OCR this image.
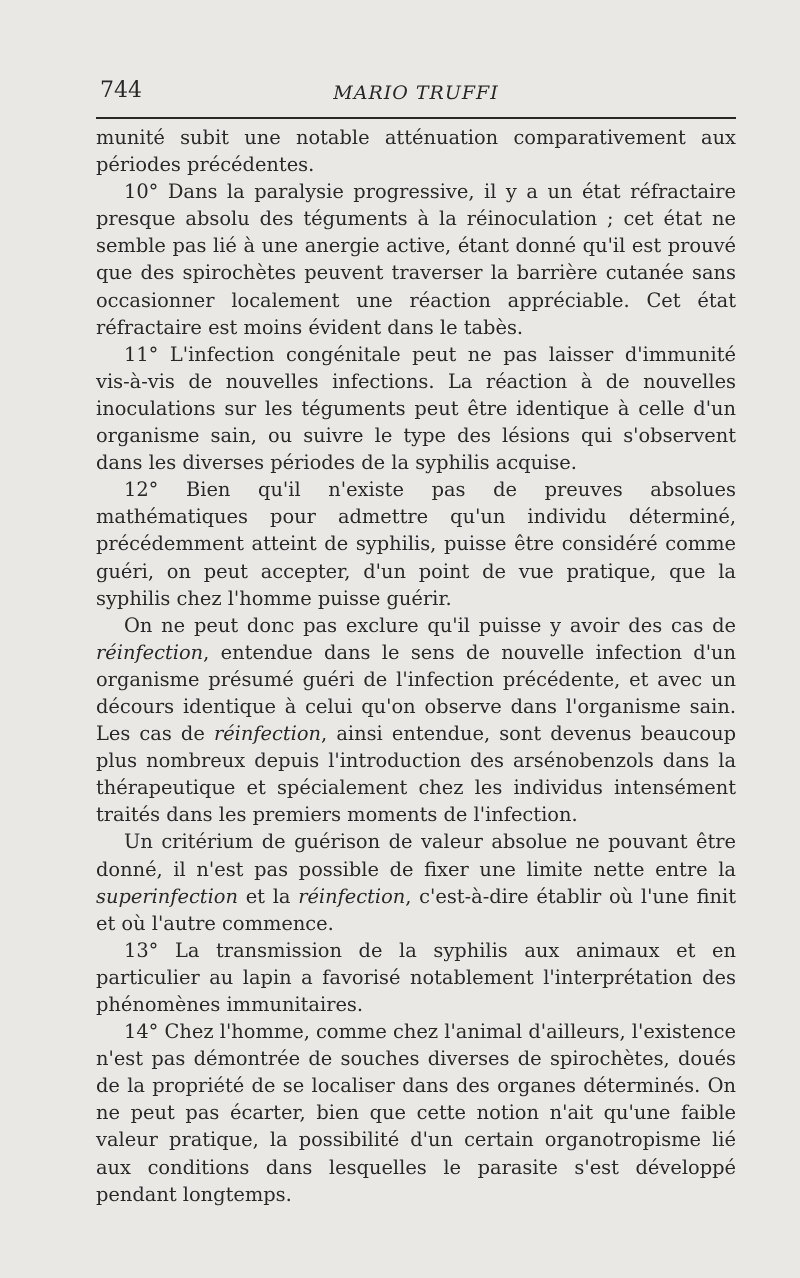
744	MARIO TRUFFI

munité subit une notable atténuation comparativement aux périodes précédentes.

10° Dans la paralysie progressive, il y a un état réfractaire presque absolu des téguments à la réinoculation ; cet état ne semble pas lié à une anergie active, étant donné qu'il est prouvé que des spirochètes peuvent traverser la barrière cutanée sans occasionner localement une réaction appréciable. Cet état réfractaire est moins évident dans le tabès.

11° L'infection congénitale peut ne pas laisser d'immunité vis-à-vis de nouvelles infections. La réaction à de nouvelles inoculations sur les téguments peut être identique à celle d'un organisme sain, ou suivre le type des lésions qui s'observent dans les diverses périodes de la syphilis acquise.

12° Bien qu'il n'existe pas de preuves absolues mathématiques pour admettre qu'un individu déterminé, précédemment atteint de syphilis, puisse être considéré comme guéri, on peut accepter, d'un point de vue pratique, que la syphilis chez l'homme puisse guérir.

On ne peut donc pas exclure qu'il puisse y avoir des cas de réinfection, entendue dans le sens de nouvelle infection d'un organisme présumé guéri de l'infection précédente, et avec un décours identique à celui qu'on observe dans l'organisme sain. Les cas de réinfection, ainsi entendue, sont devenus beaucoup plus nombreux depuis l'introduction des arsénobenzols dans la thérapeutique et spécialement chez les individus intensément traités dans les premiers moments de l'infection.

Un critérium de guérison de valeur absolue ne pouvant être donné, il n'est pas possible de fixer une limite nette entre la superinfection et la réinfection, c'est-à-dire établir où l'une finit et où l'autre commence.

13° La transmission de la syphilis aux animaux et en particulier au lapin a favorisé notablement l'interprétation des phénomènes immunitaires.

14° Chez l'homme, comme chez l'animal d'ailleurs, l'existence n'est pas démontrée de souches diverses de spirochètes, doués de la propriété de se localiser dans des organes déterminés. On ne peut pas écarter, bien que cette notion n'ait qu'une faible valeur pratique, la possibilité d'un certain organotropisme lié aux conditions dans lesquelles le parasite s'est développé pendant longtemps.
